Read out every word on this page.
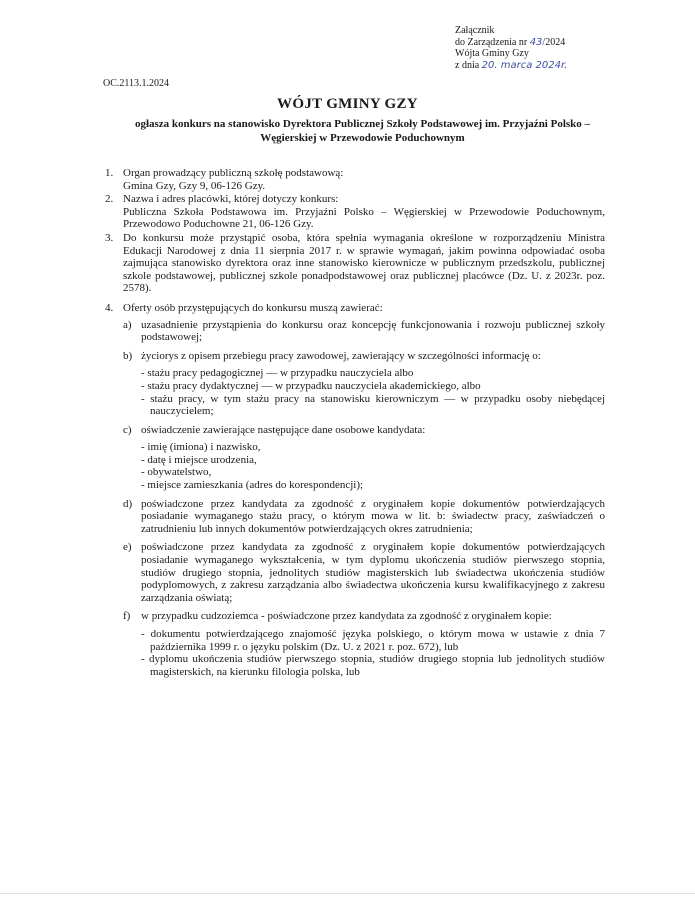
Załącznik
do Zarządzenia nr 43/2024
Wójta Gminy Gzy
z dnia 20. marca 2024r.
OC.2113.1.2024
WÓJT GMINY GZY
ogłasza konkurs na stanowisko Dyrektora Publicznej Szkoły Podstawowej im. Przyjaźni Polsko – Węgierskiej w Przewodowie Poduchownym
1. Organ prowadzący publiczną szkołę podstawową:
Gmina Gzy, Gzy 9, 06-126 Gzy.
2. Nazwa i adres placówki, której dotyczy konkurs:
Publiczna Szkoła Podstawowa im. Przyjaźni Polsko – Węgierskiej w Przewodowie Poduchownym, Przewodowo Poduchowne 21, 06-126 Gzy.
3. Do konkursu może przystąpić osoba, która spełnia wymagania określone w rozporządzeniu Ministra Edukacji Narodowej z dnia 11 sierpnia 2017 r. w sprawie wymagań, jakim powinna odpowiadać osoba zajmująca stanowisko dyrektora oraz inne stanowisko kierownicze w publicznym przedszkolu, publicznej szkole podstawowej, publicznej szkole ponadpodstawowej oraz publicznej placówce (Dz. U. z 2023r. poz. 2578).
4. Oferty osób przystępujących do konkursu muszą zawierać:
a) uzasadnienie przystąpienia do konkursu oraz koncepcję funkcjonowania i rozwoju publicznej szkoły podstawowej;
b) życiorys z opisem przebiegu pracy zawodowej, zawierający w szczególności informację o:
- stażu pracy pedagogicznej — w przypadku nauczyciela albo
- stażu pracy dydaktycznej — w przypadku nauczyciela akademickiego, albo
- stażu pracy, w tym stażu pracy na stanowisku kierowniczym — w przypadku osoby niebędącej nauczycielem;
c) oświadczenie zawierające następujące dane osobowe kandydata:
- imię (imiona) i nazwisko,
- datę i miejsce urodzenia,
- obywatelstwo,
- miejsce zamieszkania (adres do korespondencji);
d) poświadczone przez kandydata za zgodność z oryginałem kopie dokumentów potwierdzających posiadanie wymaganego stażu pracy, o którym mowa w lit. b: świadectw pracy, zaświadczeń o zatrudnieniu lub innych dokumentów potwierdzających okres zatrudnienia;
e) poświadczone przez kandydata za zgodność z oryginałem kopie dokumentów potwierdzających posiadanie wymaganego wykształcenia, w tym dyplomu ukończenia studiów pierwszego stopnia, studiów drugiego stopnia, jednolitych studiów magisterskich lub świadectwa ukończenia studiów podyplomowych, z zakresu zarządzania albo świadectwa ukończenia kursu kwalifikacyjnego z zakresu zarządzania oświatą;
f) w przypadku cudzoziemca - poświadczone przez kandydata za zgodność z oryginałem kopie:
- dokumentu potwierdzającego znajomość języka polskiego, o którym mowa w ustawie z dnia 7 października 1999 r. o języku polskim (Dz. U. z 2021 r. poz. 672), lub
- dyplomu ukończenia studiów pierwszego stopnia, studiów drugiego stopnia lub jednolitych studiów magisterskich, na kierunku filologia polska, lub
